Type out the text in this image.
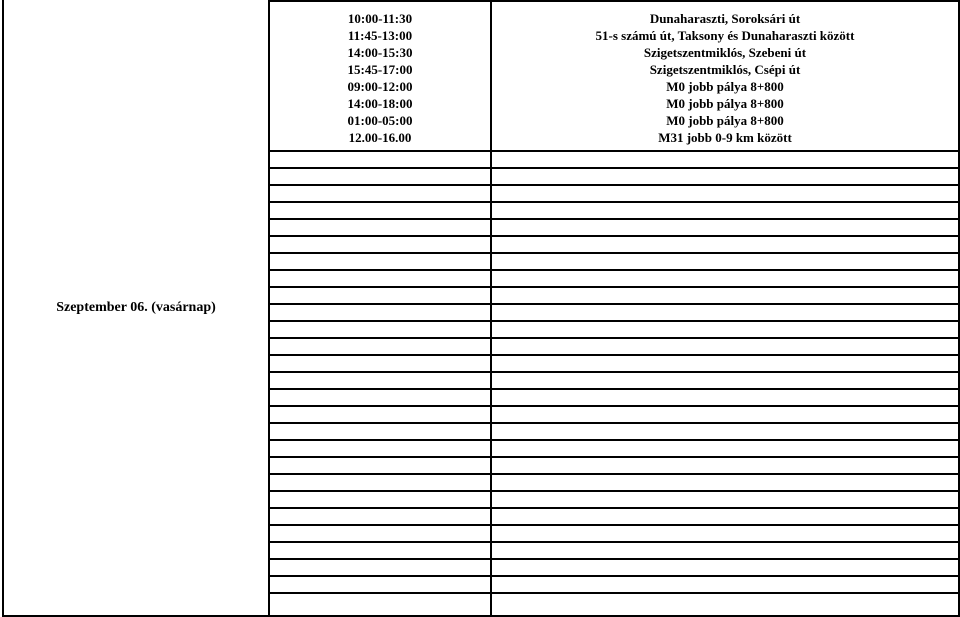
10:00-11:30	Dunaharaszti, Soroksári út
11:45-13:00	51-s számú út, Taksony és Dunaharaszti között
14:00-15:30	Szigetszentmiklós, Szebeni út
15:45-17:00	Szigetszentmiklós, Csépi út
09:00-12:00	M0 jobb pálya 8+800
14:00-18:00	M0 jobb pálya 8+800
01:00-05:00	M0 jobb pálya 8+800
12.00-16.00	M31 jobb 0-9 km között
Szeptember 06. (vasárnap)
